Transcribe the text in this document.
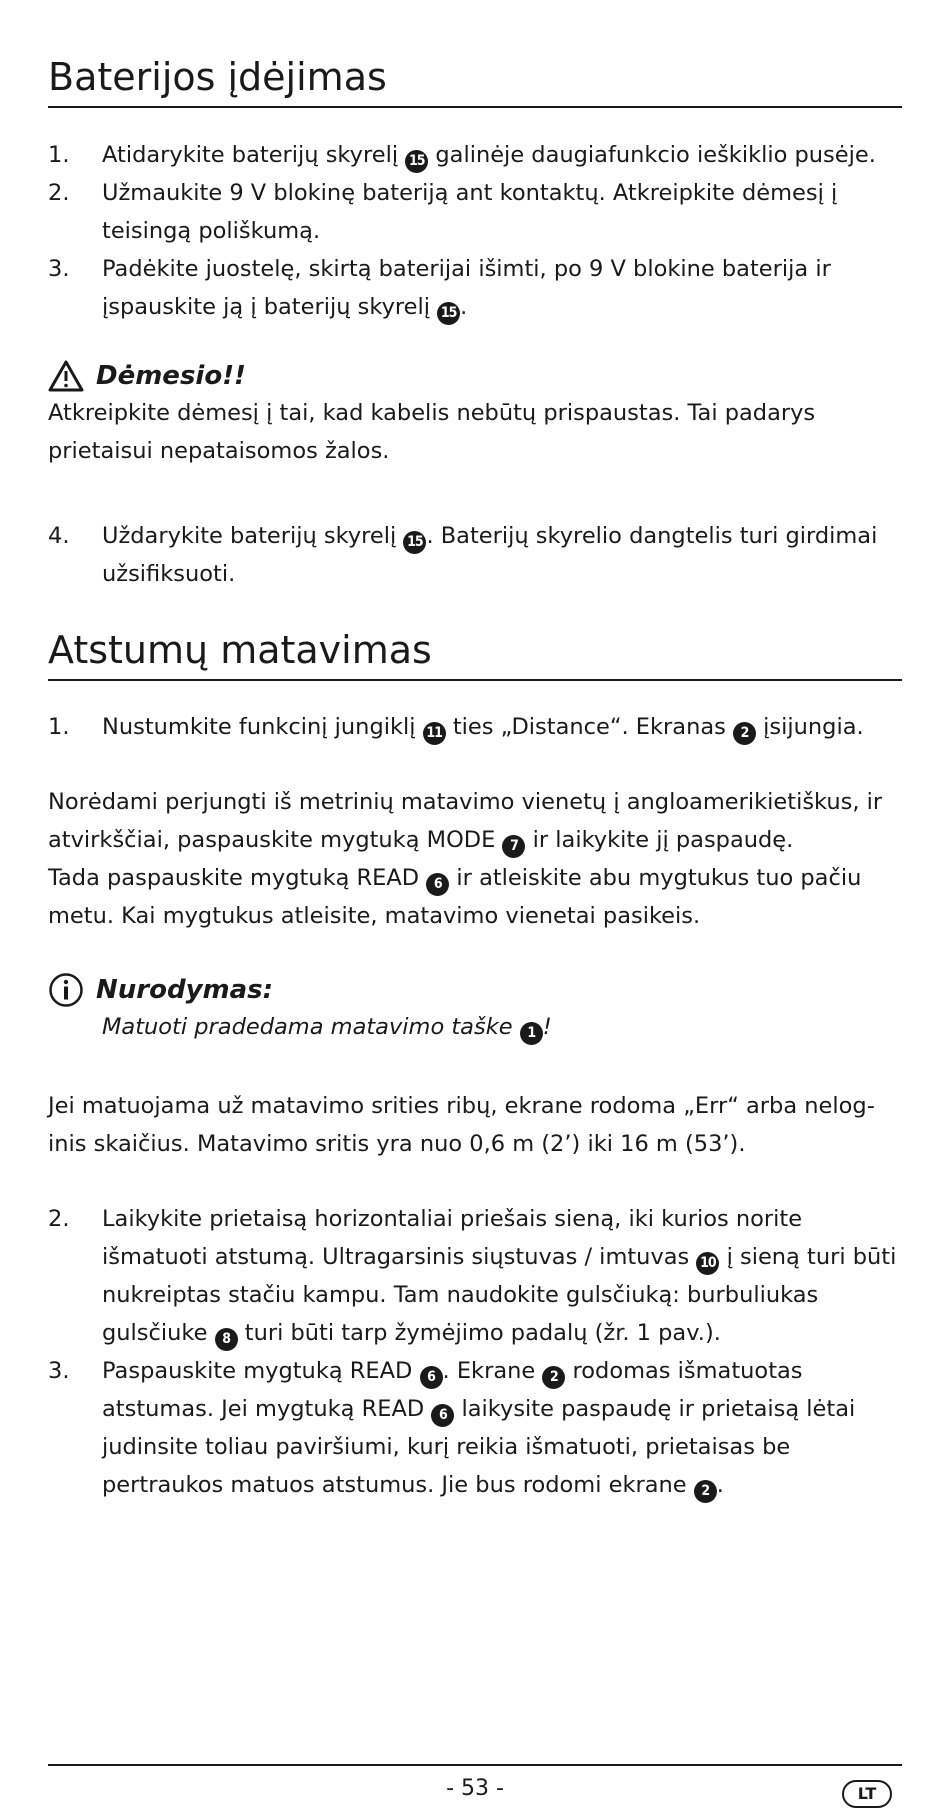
Baterijos įdėjimas
1. Atidarykite baterijų skyrelį 15 galinėje daugiafunkcio ieškiklio pusėje.
2. Užmaukite 9 V blokinę bateriją ant kontaktų. Atkreipkite dėmesį į teisingą poliškumą.
3. Padėkite juostelę, skirtą baterijai išimti, po 9 V blokine baterija ir įspauskite ją į baterijų skyrelį 15 .
Dėmesio!!
Atkreipkite dėmesį į tai, kad kabelis nebūtų prispaustas. Tai padarys prietaisui nepataisomos žalos.
4. Uždarykite baterijų skyrelį 15 . Baterijų skyrelio dangtelis turi girdimai užsifiksuoti.
Atstumų matavimas
1. Nustumkite funkcinį jungiklį 11 ties „Distance“. Ekranas 2 įsijungia.
Norėdami perjungti iš metrinių matavimo vienetų į angloamerikietiškus, ir atvirkščiai, paspauskite mygtuką MODE 7 ir laikykite jį paspaudę.
Tada paspauskite mygtuką READ 6 ir atleiskite abu mygtukus tuo pačiu metu. Kai mygtukus atleisite, matavimo vienetai pasikeis.
Nurodymas:
Matuoti pradedama matavimo taške 1 !
Jei matuojama už matavimo srities ribų, ekrane rodoma „Err“ arba neloginis skaičius. Matavimo sritis yra nuo 0,6 m (2’) iki 16 m (53’).
2. Laikykite prietaisą horizontaliai priešais sieną, iki kurios norite išmatuoti atstumą. Ultragarsinis siųstuvas / imtuvas 10 į sieną turi būti nukreiptas stačiu kampu. Tam naudokite gulsčiuką: burbuliukas gulsčiuke 8 turi būti tarp žymėjimo padalų (žr. 1 pav.).
3. Paspauskite mygtuką READ 6 . Ekrane 2 rodomas išmatuotas atstumas. Jei mygtuką READ 6 laikysite paspaudę ir prietaisą lėtai judinsite toliau paviršiumi, kurį reikia išmatuoti, prietaisas be pertraukos matuos atstumus. Jie bus rodomi ekrane 2 .
- 53 -	LT
